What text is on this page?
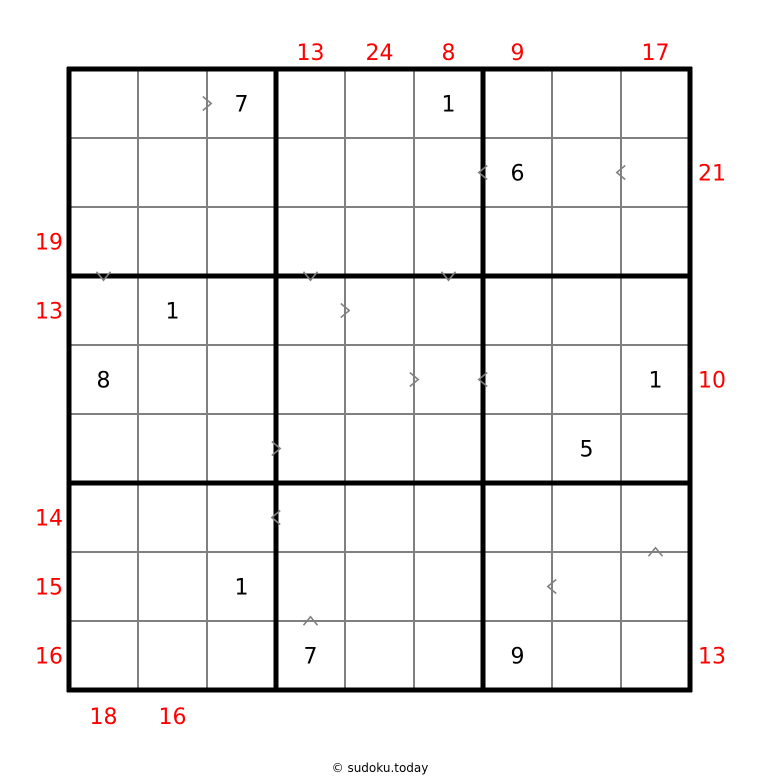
7	1
6
1
8	1
5
1
7	9
13 24 8	9	17
18 16
19
13
14
15
16
21
10
13
© sudoku.today
